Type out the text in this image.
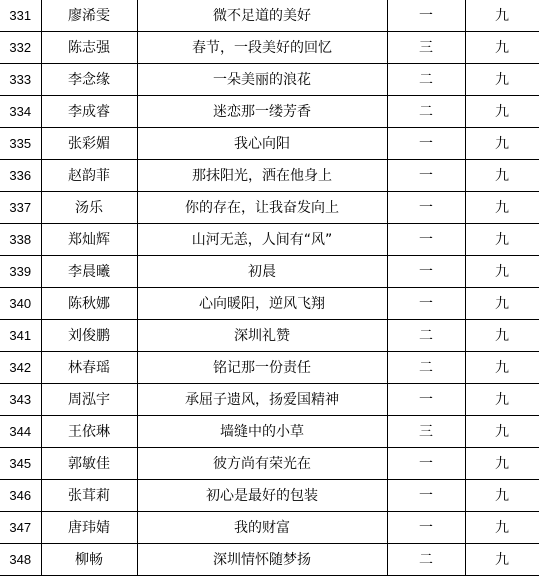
331	廖浠雯	微不足道的美好	一	九
332	陈志强	春节，一段美好的回忆	三	九
333	李念缘	一朵美丽的浪花	二	九
334	李成睿	迷恋那一缕芳香	二	九
335	张彩媚	我心向阳	一	九
336	赵韵菲	那抹阳光，洒在他身上	一	九
337	汤乐	你的存在，让我奋发向上	一	九
338	郑灿辉	山河无恙，人间有“风”	一	九
339	李晨曦	初晨	一	九
340	陈秋娜	心向暖阳，逆风飞翔	一	九
341	刘俊鹏	深圳礼赞	二	九
342	林春瑶	铭记那一份责任	二	九
343	周泓宇	承屈子遗风，扬爱国精神	一	九
344	王依琳	墙缝中的小草	三	九
345	郭敏佳	彼方尚有荣光在	一	九
346	张茸莉	初心是最好的包装	一	九
347	唐玮婧	我的财富	一	九
348	柳畅	深圳情怀随梦扬	二	九
